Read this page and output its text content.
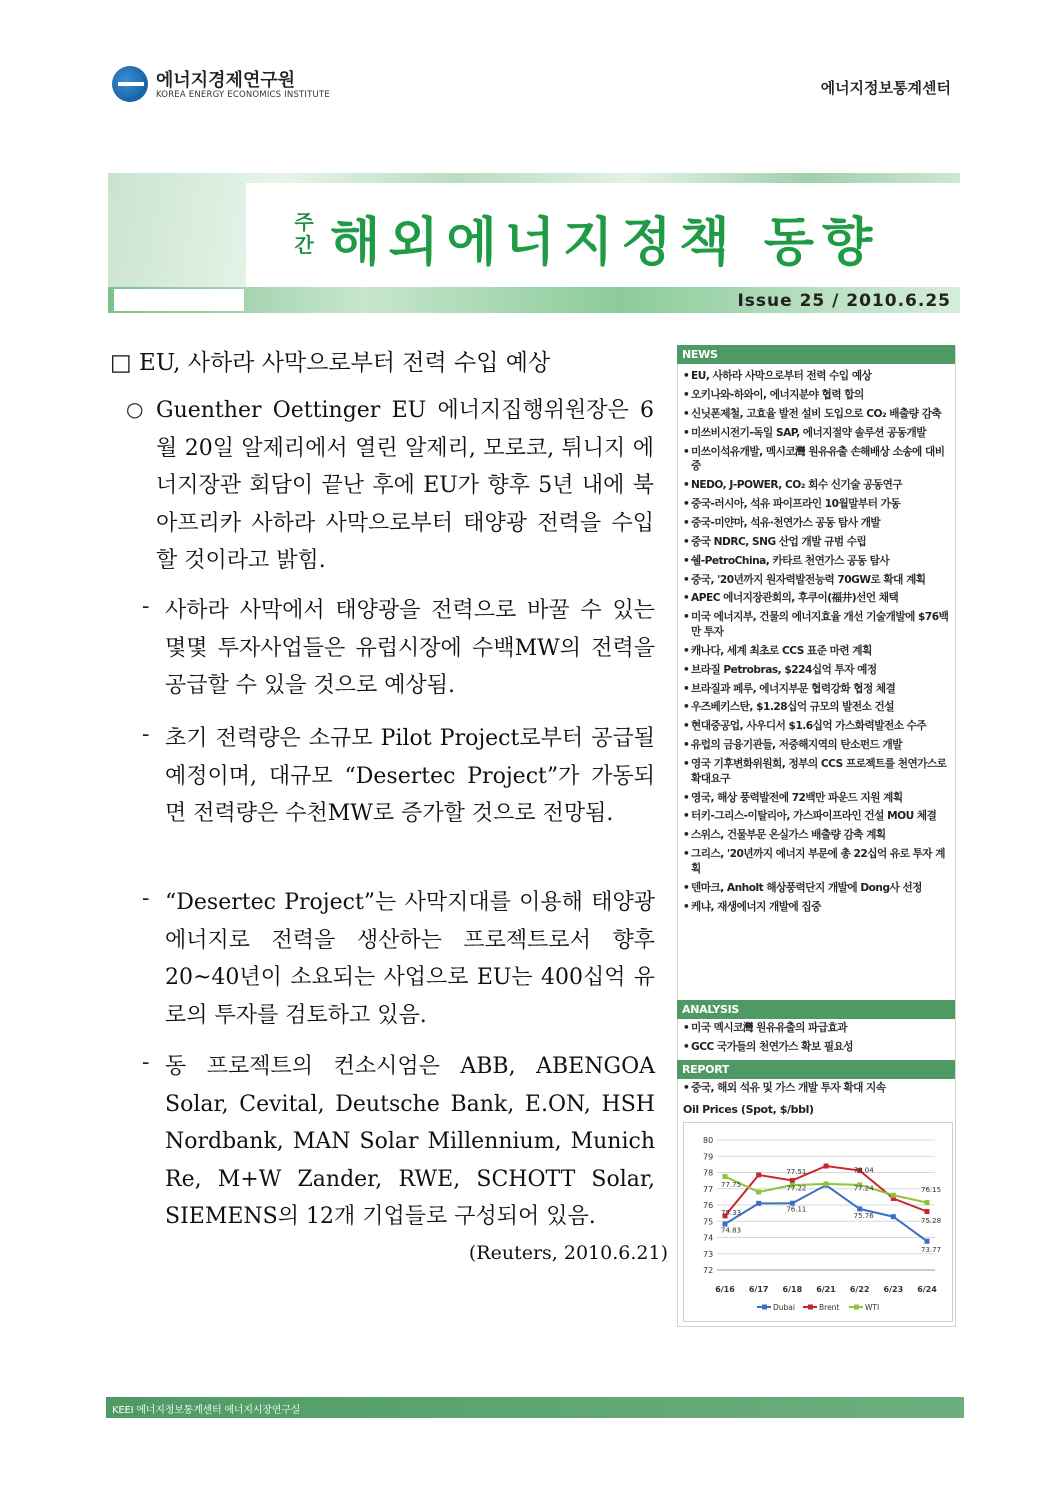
에너지경제연구원
KOREA ENERGY ECONOMICS INSTITUTE	에너지정보통계센터
주간 해외에너지정책 동향
Issue 25 / 2010.6.25
□ EU, 사하라 사막으로부터 전력 수입 예상
○ Guenther Oettinger EU 에너지집행위원장은 6월 20일 알제리에서 열린 알제리, 모로코, 튀니지 에너지장관 회담이 끝난 후에 EU가 향후 5년 내에 북아프리카 사하라 사막으로부터 태양광 전력을 수입할 것이라고 밝힘.
- 사하라 사막에서 태양광을 전력으로 바꿀 수 있는 몇몇 투자사업들은 유럽시장에 수백MW의 전력을 공급할 수 있을 것으로 예상됨.
- 초기 전력량은 소규모 Pilot Project로부터 공급될 예정이며, 대규모 “Desertec Project”가 가동되면 전력량은 수천MW로 증가할 것으로 전망됨.
- “Desertec Project”는 사막지대를 이용해 태양광에너지로 전력을 생산하는 프로젝트로서 향후 20~40년이 소요되는 사업으로 EU는 400십억 유로의 투자를 검토하고 있음.
- 동 프로젝트의 컨소시엄은 ABB, ABENGOA Solar, Cevital, Deutsche Bank, E.ON, HSH Nordbank, MAN Solar Millennium, Munich Re, M+W Zander, RWE, SCHOTT Solar, SIEMENS의 12개 기업들로 구성되어 있음.
(Reuters, 2010.6.21)
NEWS
• EU, 사하라 사막으로부터 전력 수입 예상
• 오키나와-하와이, 에너지분야 협력 합의
• 신닛폰제철, 고효율 발전 설비 도입으로 CO₂ 배출량 감축
• 미쓰비시전기-독일 SAP, 에너지절약 솔루션 공동개발
• 미쓰이석유개발, 멕시코灣 원유유출 손해배상 소송에 대비 중
• NEDO, J-POWER, CO₂ 회수 신기술 공동연구
• 중국-러시아, 석유 파이프라인 10월말부터 가동
• 중국-미얀마, 석유·천연가스 공동 탐사 개발
• 중국 NDRC, SNG 산업 개발 규범 수립
• 쉘-PetroChina, 카타르 천연가스 공동 탐사
• 중국, '20년까지 원자력발전능력 70GW로 확대 계획
• APEC 에너지장관회의, 후쿠이(福井)선언 채택
• 미국 에너지부, 건물의 에너지효율 개선 기술개발에 $76백만 투자
• 캐나다, 세계 최초로 CCS 표준 마련 계획
• 브라질 Petrobras, $224십억 투자 예정
• 브라질과 페루, 에너지부문 협력강화 협정 체결
• 우즈베키스탄, $1.28십억 규모의 발전소 건설
• 현대중공업, 사우디서 $1.6십억 가스화력발전소 수주
• 유럽의 금융기관들, 저중해지역의 탄소펀드 개발
• 영국 기후변화위원회, 정부의 CCS 프로젝트를 천연가스로 확대요구
• 영국, 해상 풍력발전에 72백만 파운드 지원 계획
• 터키-그리스-이탈리아, 가스파이프라인 건설 MOU 체결
• 스위스, 건물부문 온실가스 배출량 감축 계획
• 그리스, '20년까지 에너지 부문에 총 22십억 유로 투자 계획
• 덴마크, Anholt 해상풍력단지 개발에 Dong사 선정
• 케냐, 재생에너지 개발에 집중
ANALYSIS
• 미국 멕시코灣 원유유출의 파급효과
• GCC 국가들의 천연가스 확보 필요성
REPORT
• 중국, 해외 석유 및 가스 개발 투자 확대 지속
Oil Prices (Spot, $/bbl)
80
79
78
77
76
75
74
73
72
6/16 6/17 6/18 6/21 6/22 6/23 6/24
77.75
75.33
74.83
77.51
77.22
76.11
78.04
77.24
75.76
76.15
75.28
73.77
Dubai	Brent	WTI
KEEI 에너지정보통계센터 에너지시장연구실
